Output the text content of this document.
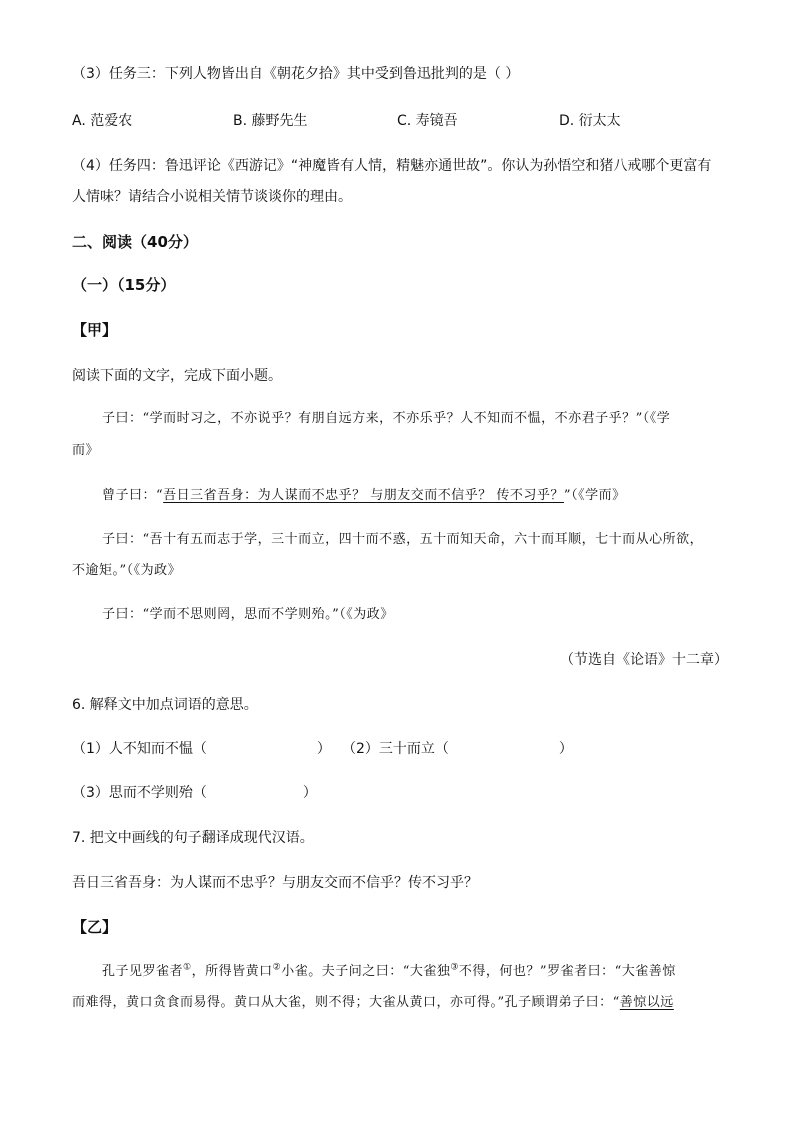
（3）任务三：下列人物皆出自《朝花夕拾》其中受到鲁迅批判的是（ ）
A. 范爱农	B. 藤野先生	C. 寿镜吾	D. 衍太太
（4）任务四：鲁迅评论《西游记》“神魔皆有人情，精魅亦通世故”。你认为孙悟空和猪八戒哪个更富有
人情味？请结合小说相关情节谈谈你的理由。
二、阅读（40分）
（一）（15分）
【甲】
阅读下面的文字，完成下面小题。
子曰：“学而时习之，不亦说乎？有朋自远方来，不亦乐乎？人不知而不愠，不亦君子乎？”（《学
而》
曾子曰：“吾日三省吾身：为人谋而不忠乎？ 与朋友交而不信乎？ 传不习乎？”（《学而》
子曰：“吾十有五而志于学，三十而立，四十而不惑，五十而知天命，六十而耳顺，七十而从心所欲，
不逾矩。”（《为政》
子曰：“学而不思则罔，思而不学则殆。”（《为政》
（节选自《论语》十二章）
6. 解释文中加点词语的意思。
（1）人不知而不愠（	） （2）三十而立（	）
（3）思而不学则殆（	）
7. 把文中画线的句子翻译成现代汉语。
吾日三省吾身：为人谋而不忠乎？与朋友交而不信乎？传不习乎？
【乙】
孔子见罗雀者①，所得皆黄口②小雀。夫子问之曰：“大雀独③不得，何也？”罗雀者曰：“大雀善惊
而难得，黄口贪食而易得。黄口从大雀，则不得；大雀从黄口，亦可得。”孔子顾谓弟子曰：“善惊以远
